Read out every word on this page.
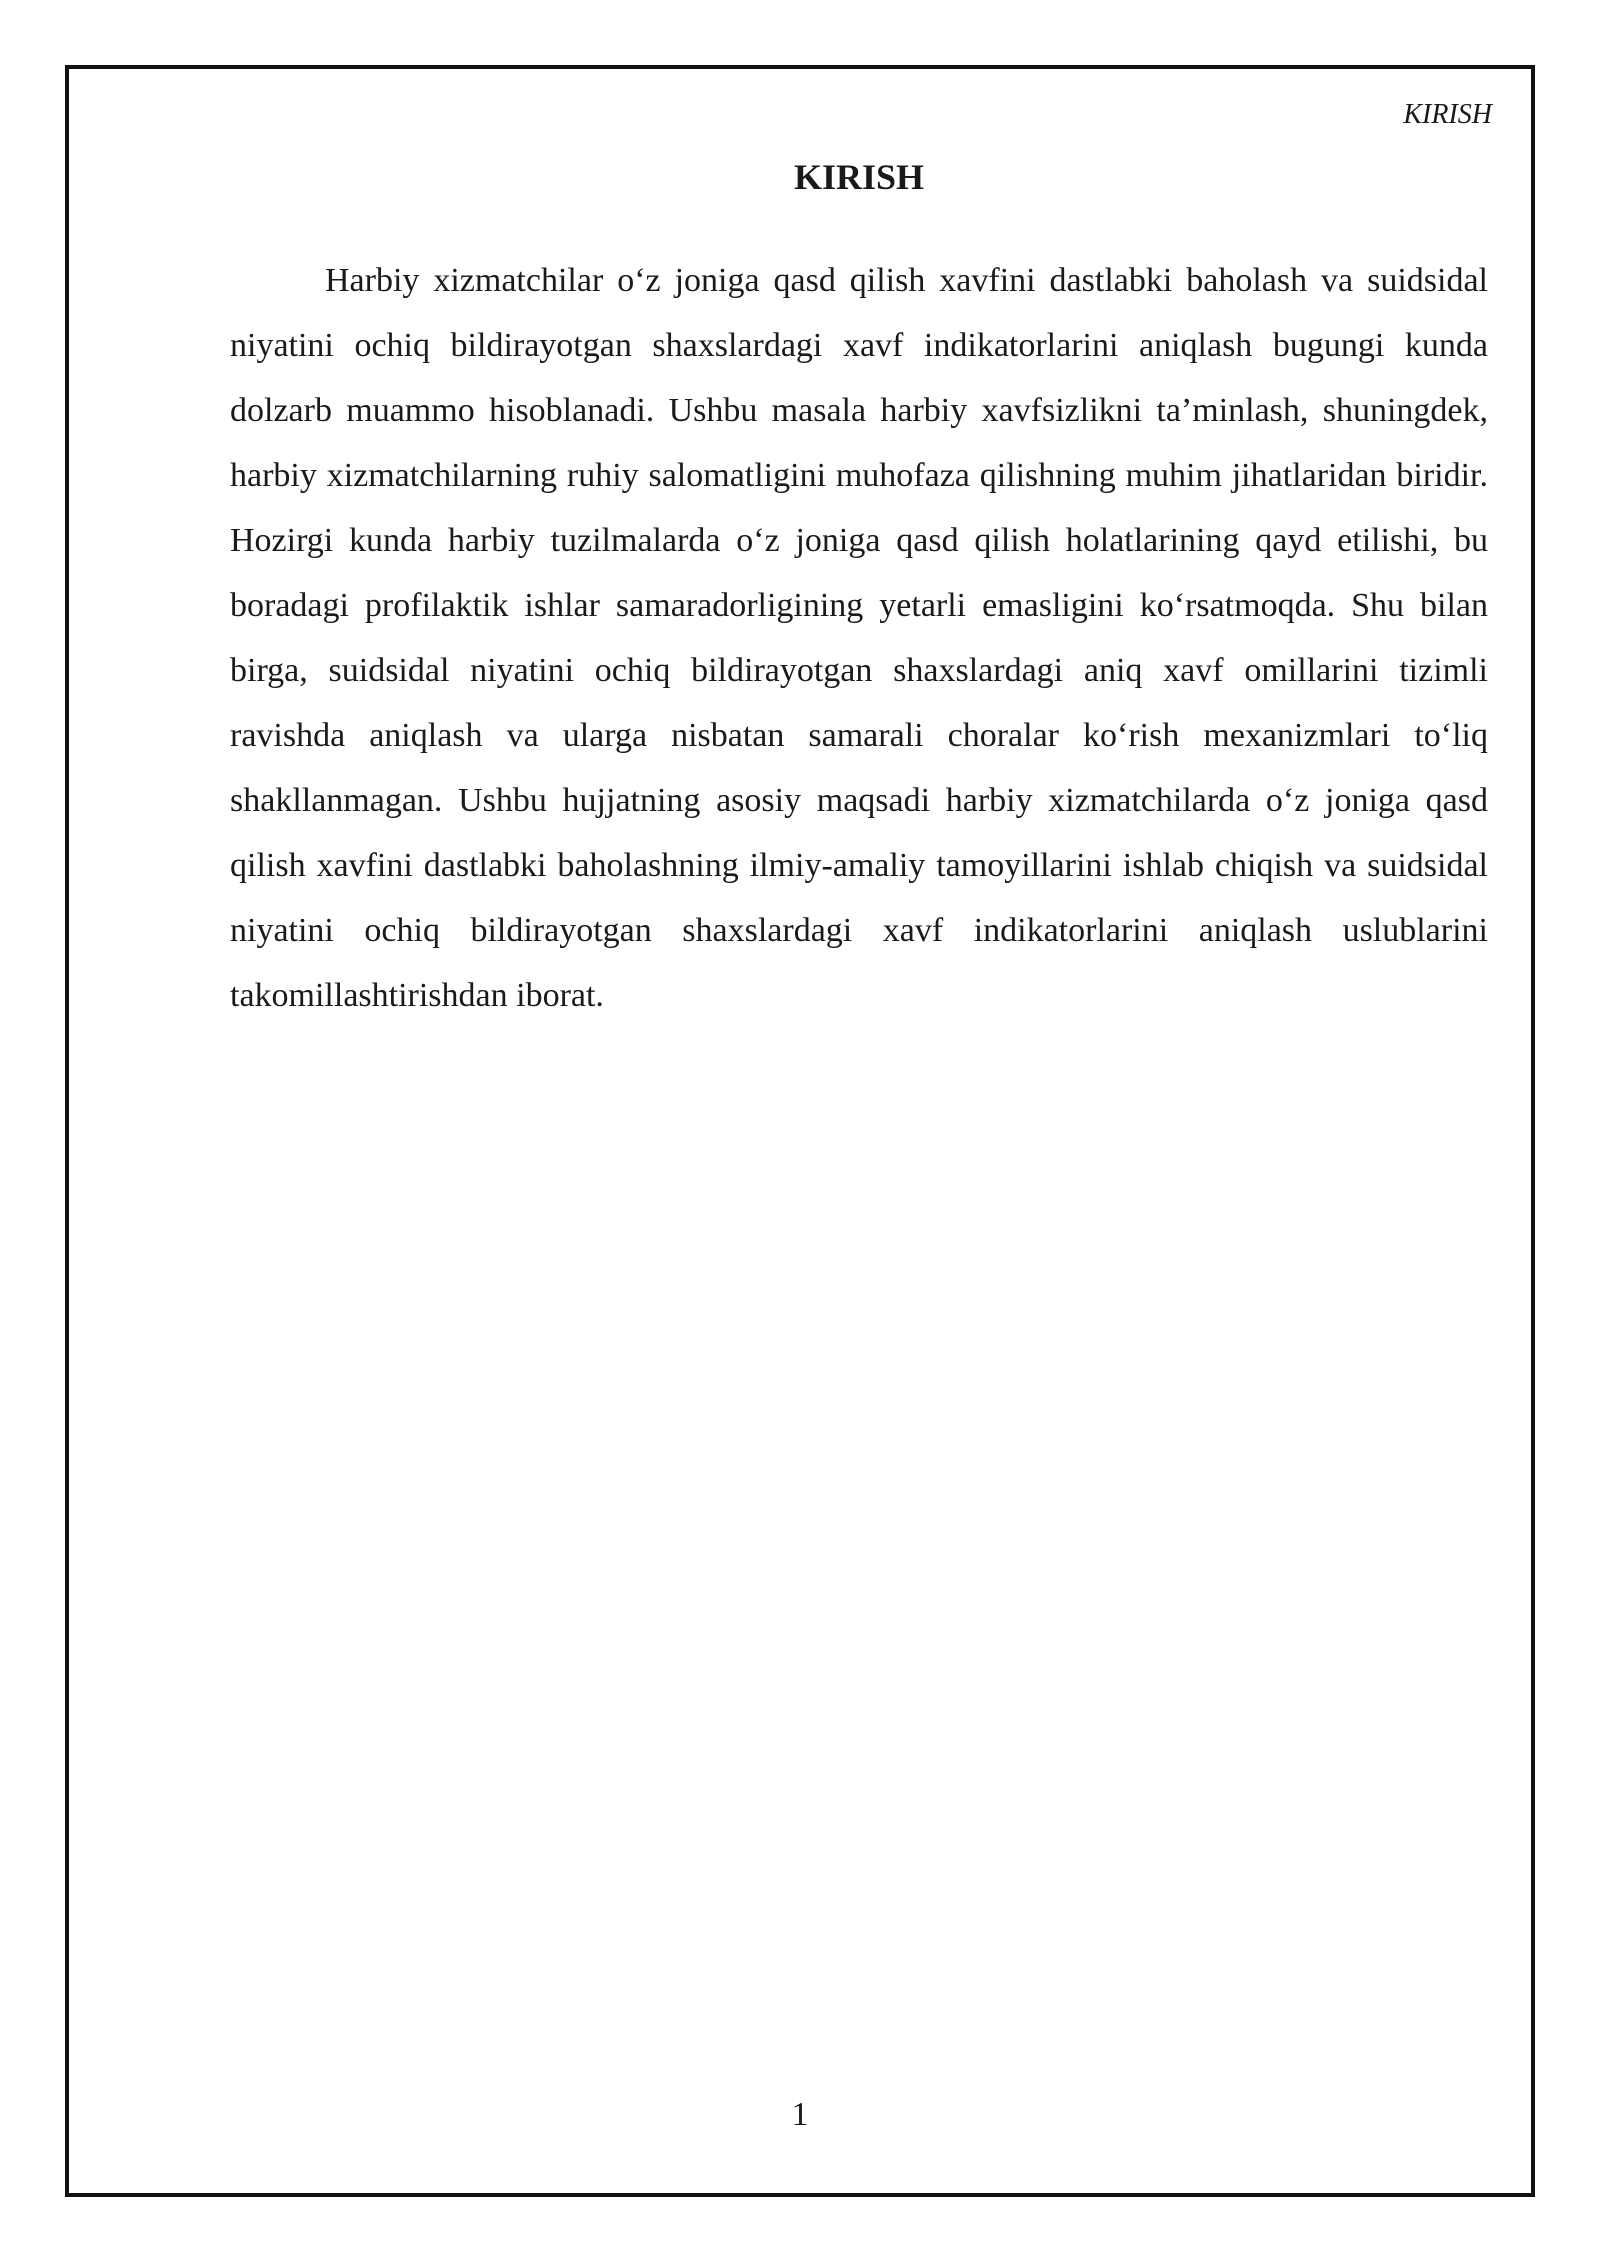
KIRISH

KIRISH

Harbiy xizmatchilar o‘z joniga qasd qilish xavfini dastlabki baholash va suidsidal niyatini ochiq bildirayotgan shaxslardagi xavf indikatorlarini aniqlash bugungi kunda dolzarb muammo hisoblanadi. Ushbu masala harbiy xavfsizlikni ta’minlash, shuningdek, harbiy xizmatchilarning ruhiy salomatligini muhofaza qilishning muhim jihatlaridan biridir. Hozirgi kunda harbiy tuzilmalarda o‘z joniga qasd qilish holatlarining qayd etilishi, bu boradagi profilaktik ishlar samaradorligining yetarli emasligini ko‘rsatmoqda. Shu bilan birga, suidsidal niyatini ochiq bildirayotgan shaxslardagi aniq xavf omillarini tizimli ravishda aniqlash va ularga nisbatan samarali choralar ko‘rish mexanizmlari to‘liq shakllanmagan. Ushbu hujjatning asosiy maqsadi harbiy xizmatchilarda o‘z joniga qasd qilish xavfini dastlabki baholashning ilmiy-amaliy tamoyillarini ishlab chiqish va suidsidal niyatini ochiq bildirayotgan shaxslardagi xavf indikatorlarini aniqlash uslublarini takomillashtirishdan iborat.

1
